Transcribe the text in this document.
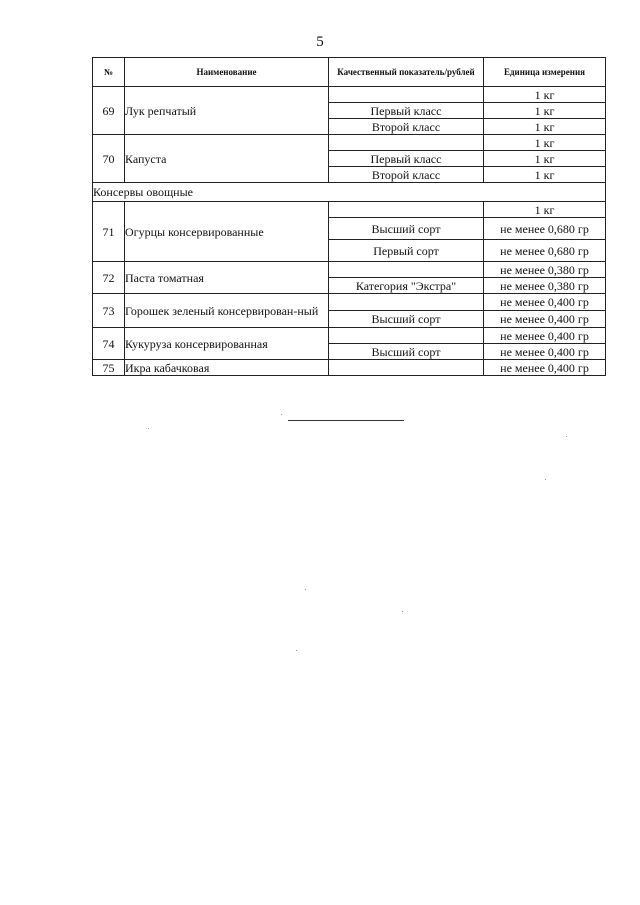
5
№	Наименование	Качественный показатель/рублей	Единица измерения
69	Лук репчатый		1 кг
		Первый класс	1 кг
		Второй класс	1 кг
70	Капуста		1 кг
		Первый класс	1 кг
		Второй класс	1 кг
Консервы овощные			
71	Огурцы консервированные		1 кг
		Высший сорт	не менее 0,680 гр
		Первый сорт	не менее 0,680 гр
72	Паста томатная		не менее 0,380 гр
		Категория "Экстра"	не менее 0,380 гр
73	Горошек зеленый консервирован-ный		не менее 0,400 гр
		Высший сорт	не менее 0,400 гр
74	Кукуруза консервированная		не менее 0,400 гр
		Высший сорт	не менее 0,400 гр
75	Икра кабачковая		не менее 0,400 гр
